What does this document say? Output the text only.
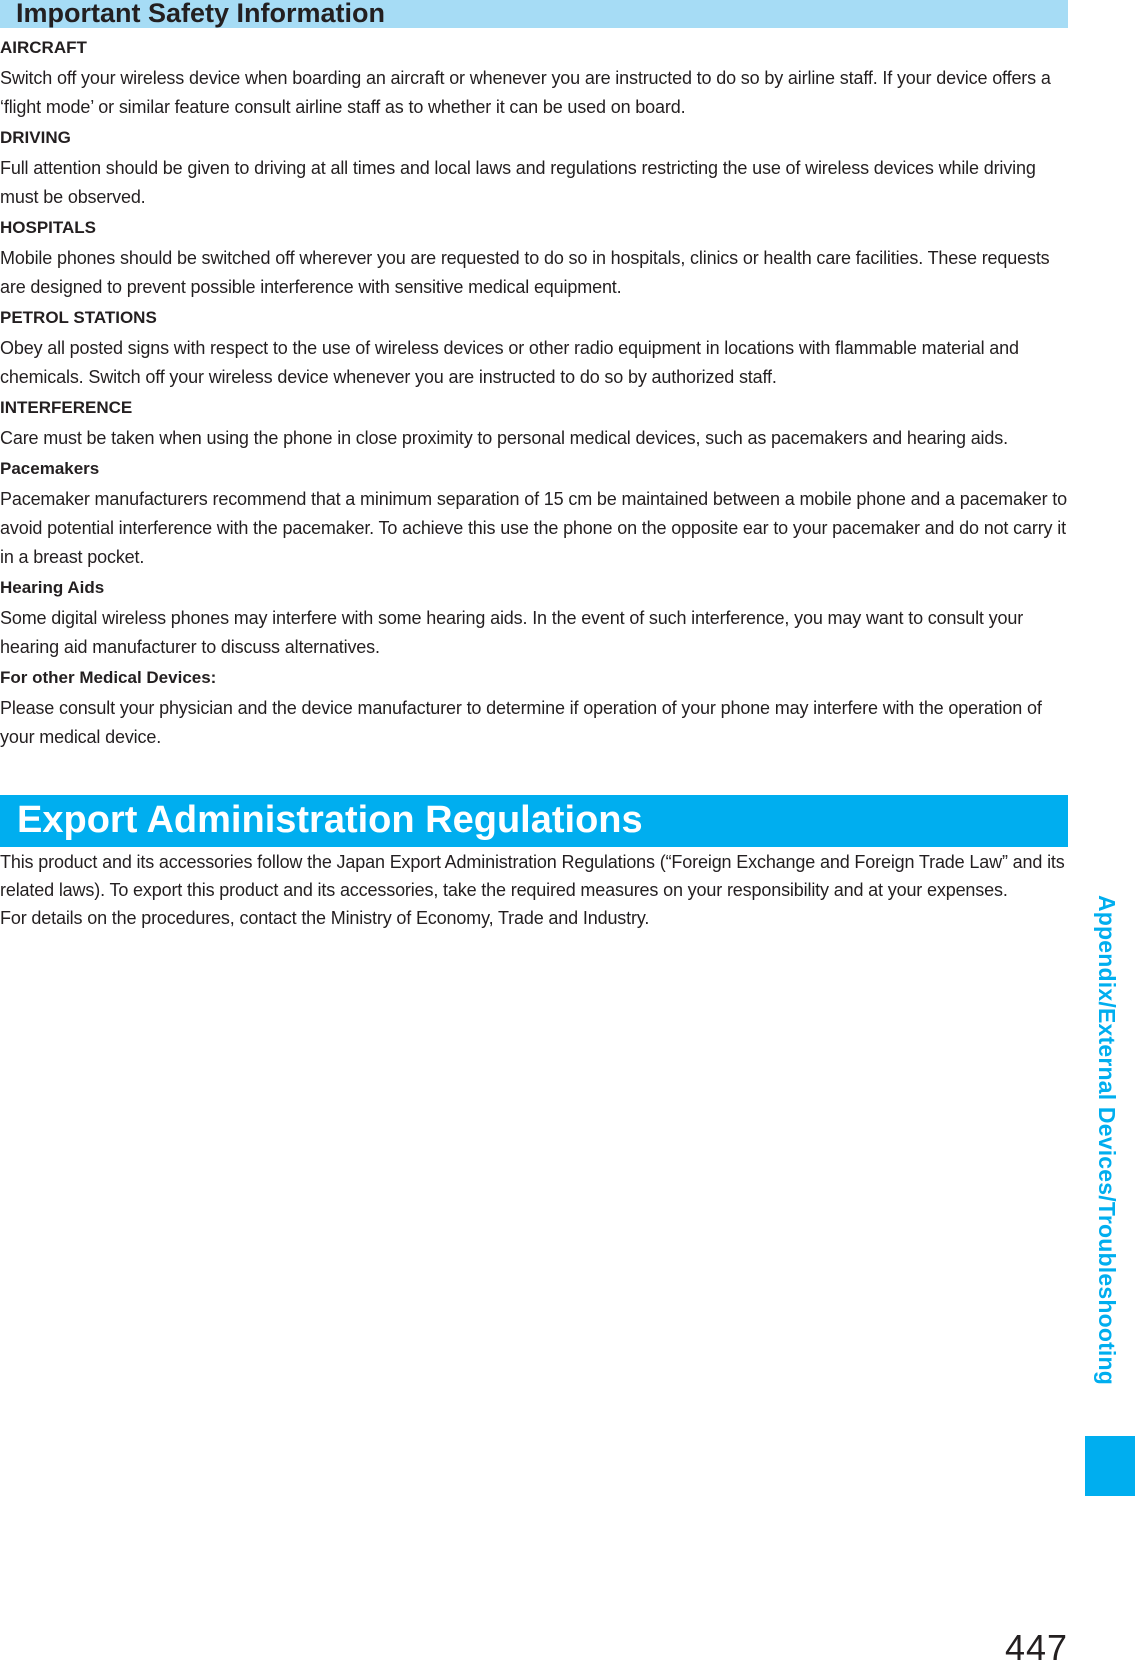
Important Safety Information

AIRCRAFT

Switch off your wireless device when boarding an aircraft or whenever you are instructed to do so by airline staff. If your device offers a ‘flight mode’ or similar feature consult airline staff as to whether it can be used on board.

DRIVING

Full attention should be given to driving at all times and local laws and regulations restricting the use of wireless devices while driving must be observed.

HOSPITALS

Mobile phones should be switched off wherever you are requested to do so in hospitals, clinics or health care facilities. These requests are designed to prevent possible interference with sensitive medical equipment.

PETROL STATIONS

Obey all posted signs with respect to the use of wireless devices or other radio equipment in locations with flammable material and chemicals. Switch off your wireless device whenever you are instructed to do so by authorized staff.

INTERFERENCE

Care must be taken when using the phone in close proximity to personal medical devices, such as pacemakers and hearing aids.

Pacemakers

Pacemaker manufacturers recommend that a minimum separation of 15 cm be maintained between a mobile phone and a pacemaker to avoid potential interference with the pacemaker. To achieve this use the phone on the opposite ear to your pacemaker and do not carry it in a breast pocket.

Hearing Aids

Some digital wireless phones may interfere with some hearing aids. In the event of such interference, you may want to consult your hearing aid manufacturer to discuss alternatives.

For other Medical Devices:

Please consult your physician and the device manufacturer to determine if operation of your phone may interfere with the operation of your medical device.

Export Administration Regulations

This product and its accessories follow the Japan Export Administration Regulations (“Foreign Exchange and Foreign Trade Law” and its related laws). To export this product and its accessories, take the required measures on your responsibility and at your expenses.

For details on the procedures, contact the Ministry of Economy, Trade and Industry.	Appendix/External Devices/Troubleshooting
447
